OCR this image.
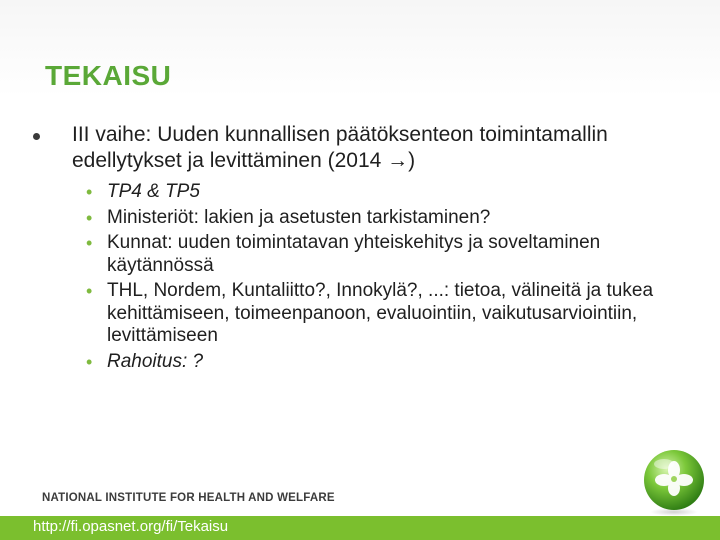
TEKAISU
III vaihe: Uuden kunnallisen päätöksenteon toimintamallin edellytykset ja levittäminen (2014 →)
• TP4 & TP5
• Ministeriöt: lakien ja asetusten tarkistaminen?
• Kunnat: uuden toimintatavan yhteiskehitys ja soveltaminen käytännössä
• THL, Nordem, Kuntaliitto?, Innokylä?, ...: tietoa, välineitä ja tukea kehittämiseen, toimeenpanoon, evaluointiin, vaikutusarviointiin, levittämiseen
• Rahoitus: ?
NATIONAL INSTITUTE FOR HEALTH AND WELFARE
http://fi.opasnet.org/fi/Tekaisu
